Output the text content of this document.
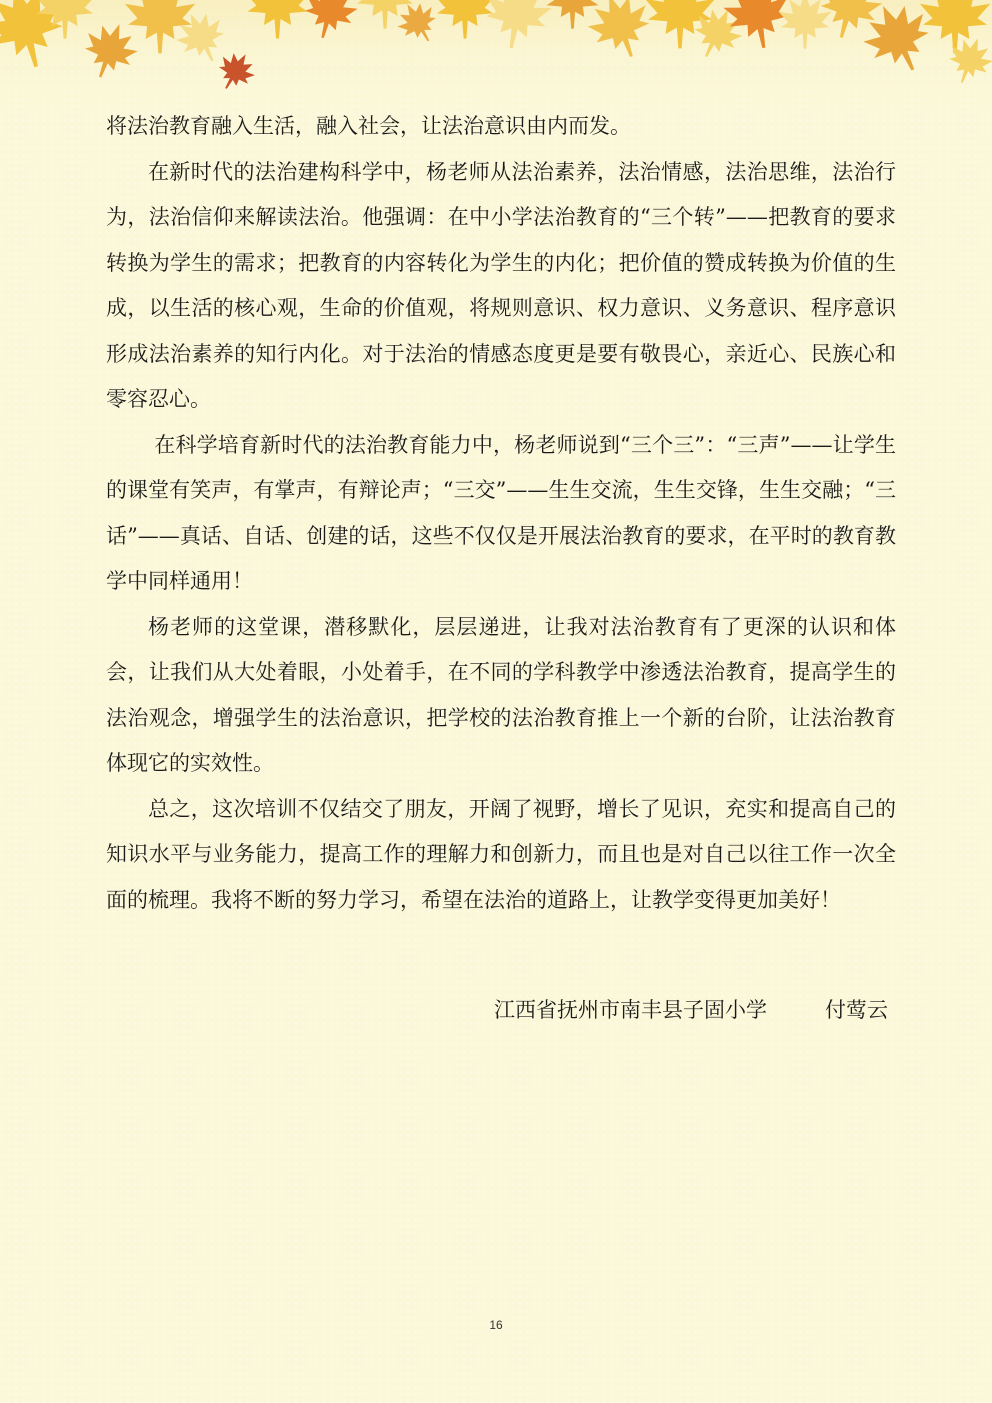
将法治教育融入生活，融入社会，让法治意识由内而发。

在新时代的法治建构科学中，杨老师从法治素养，法治情感，法治思维，法治行为，法治信仰来解读法治。他强调：在中小学法治教育的“三个转”——把教育的要求转换为学生的需求；把教育的内容转化为学生的内化；把价值的赞成转换为价值的生成，以生活的核心观，生命的价值观，将规则意识、权力意识、义务意识、程序意识形成法治素养的知行内化。对于法治的情感态度更是要有敬畏心，亲近心、民族心和零容忍心。

在科学培育新时代的法治教育能力中，杨老师说到“三个三”：“三声”——让学生的课堂有笑声，有掌声，有辩论声；“三交”——生生交流，生生交锋，生生交融；“三话”——真话、自话、创建的话，这些不仅仅是开展法治教育的要求，在平时的教育教学中同样通用！

杨老师的这堂课，潜移默化，层层递进，让我对法治教育有了更深的认识和体会，让我们从大处着眼，小处着手，在不同的学科教学中渗透法治教育，提高学生的法治观念，增强学生的法治意识，把学校的法治教育推上一个新的台阶，让法治教育体现它的实效性。

总之，这次培训不仅结交了朋友，开阔了视野，增长了见识，充实和提高自己的知识水平与业务能力，提高工作的理解力和创新力，而且也是对自己以往工作一次全面的梳理。我将不断的努力学习，希望在法治的道路上，让教学变得更加美好！

江西省抚州市南丰县子固小学	付莺云
16
